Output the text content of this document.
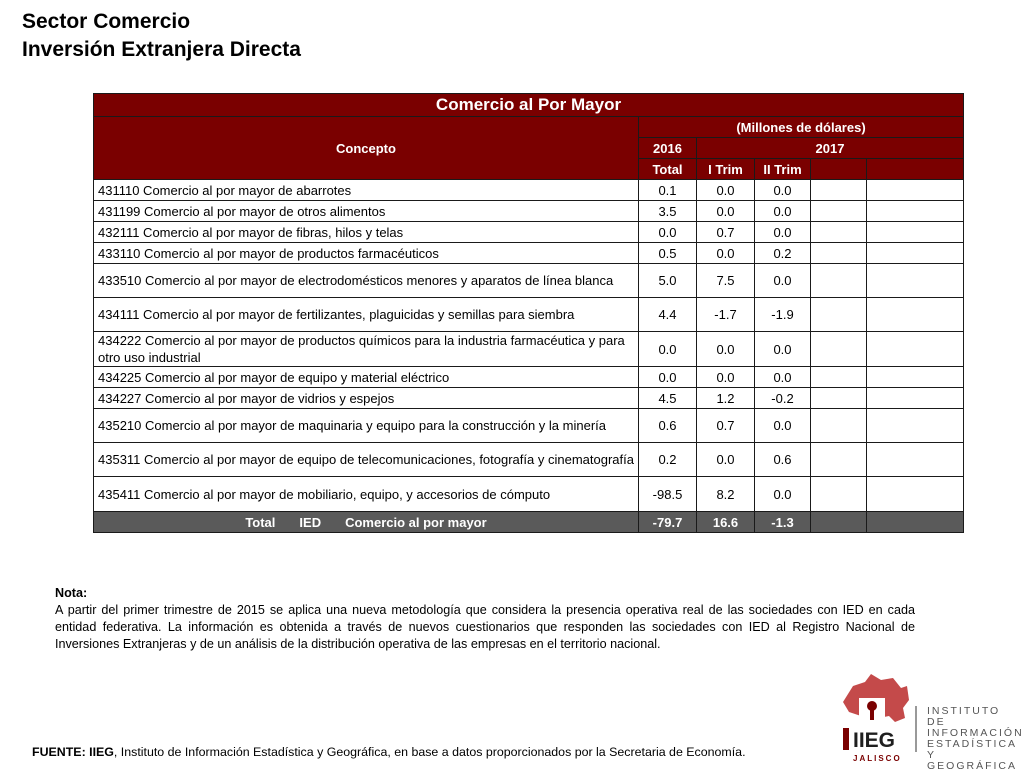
Sector Comercio
Inversión Extranjera Directa
Comercio al Por Mayor					
Concepto	(Millones de dólares)				
	2016	2017			
	Total	I Trim	II Trim		
431110 Comercio al por mayor de abarrotes	0.1	0.0	0.0		
431199 Comercio al por mayor de otros alimentos	3.5	0.0	0.0		
432111 Comercio al por mayor de fibras, hilos y telas	0.0	0.7	0.0		
433110 Comercio al por mayor de productos farmacéuticos	0.5	0.0	0.2		
433510 Comercio al por mayor de electrodomésticos menores y aparatos de línea blanca	5.0	7.5	0.0		
434111 Comercio al por mayor de fertilizantes, plaguicidas y semillas para siembra	4.4	-1.7	-1.9		
434222 Comercio al por mayor de productos químicos para la industria farmacéutica y para otro uso industrial	0.0	0.0	0.0		
434225 Comercio al por mayor de equipo y material eléctrico	0.0	0.0	0.0		
434227 Comercio al por mayor de vidrios y espejos	4.5	1.2	-0.2		
435210 Comercio al por mayor de maquinaria y equipo para la construcción y la minería	0.6	0.7	0.0		
435311 Comercio al por mayor de equipo de telecomunicaciones, fotografía y cinematografía	0.2	0.0	0.6		
435411 Comercio al por mayor de mobiliario, equipo, y accesorios de cómputo	-98.5	8.2	0.0		
Total IED Comercio al por mayor	-79.7	16.6	-1.3		
Nota:
A partir del primer trimestre de 2015 se aplica una nueva metodología que considera la presencia operativa real de las sociedades con IED en cada entidad federativa. La información es obtenida a través de nuevos cuestionarios que responden las sociedades con IED al Registro Nacional de Inversiones Extranjeras y de un análisis de la distribución operativa de las empresas en el territorio nacional.
FUENTE: IIEG, Instituto de Información Estadística y Geográfica, en base a datos proporcionados por la Secretaria de Economía.	IIEG
JALISCO
INSTITUTO DE
INFORMACIÓN
ESTADÍSTICA Y
GEOGRÁFICA
